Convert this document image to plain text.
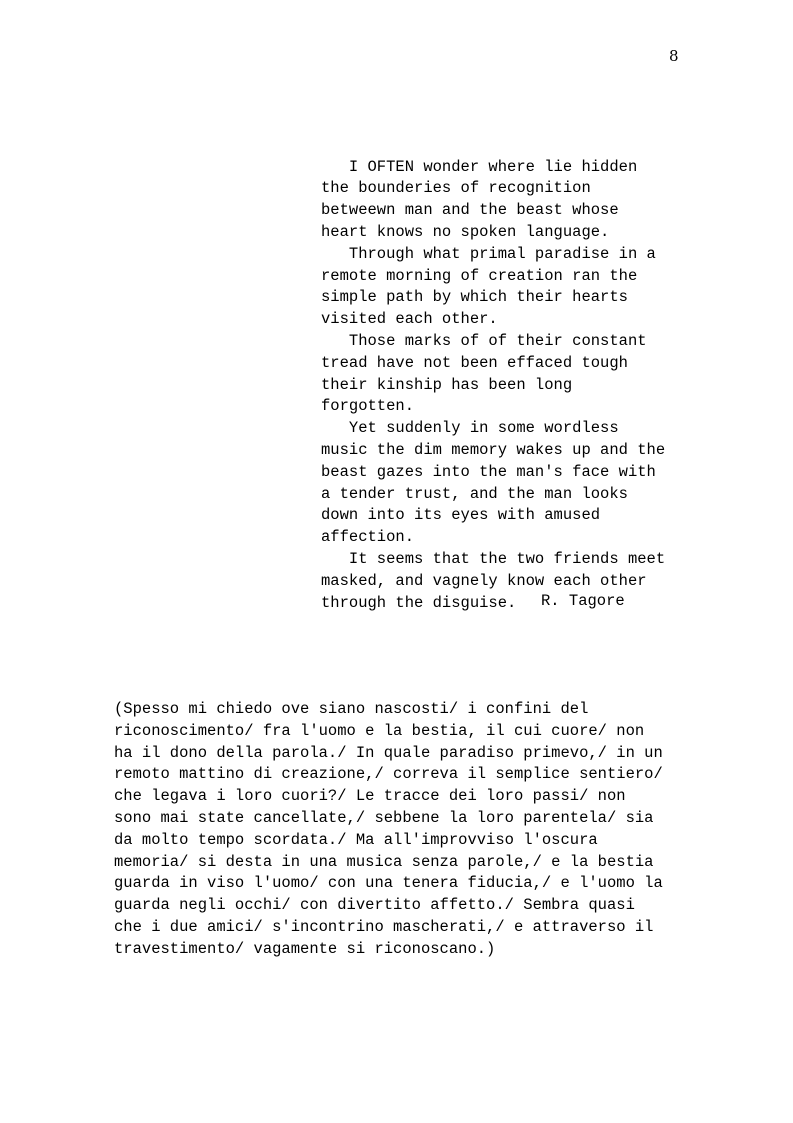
8

I OFTEN wonder where lie hidden
the bounderies of recognition
betweewn man and the beast whose
heart knows no spoken language.
Through what primal paradise in a
remote morning of creation ran the
simple path by which their hearts
visited each other.
Those marks of of their constant
tread have not been effaced tough
their kinship has been long
forgotten.
Yet suddenly in some wordless
music the dim memory wakes up and the
beast gazes into the man's face with
a tender trust, and the man looks
down into its eyes with amused
affection.
It seems that the two friends meet
masked, and vagnely know each other
through the disguise.	R. Tagore
(Spesso mi chiedo ove siano nascosti/ i confini del
riconoscimento/ fra l'uomo e la bestia, il cui cuore/ non
ha il dono della parola./ In quale paradiso primevo,/ in un
remoto mattino di creazione,/ correva il semplice sentiero/
che legava i loro cuori?/ Le tracce dei loro passi/ non
sono mai state cancellate,/ sebbene la loro parentela/ sia
da molto tempo scordata./ Ma all'improvviso l'oscura
memoria/ si desta in una musica senza parole,/ e la bestia
guarda in viso l'uomo/ con una tenera fiducia,/ e l'uomo la
guarda negli occhi/ con divertito affetto./ Sembra quasi
che i due amici/ s'incontrino mascherati,/ e attraverso il
travestimento/ vagamente si riconoscano.)
